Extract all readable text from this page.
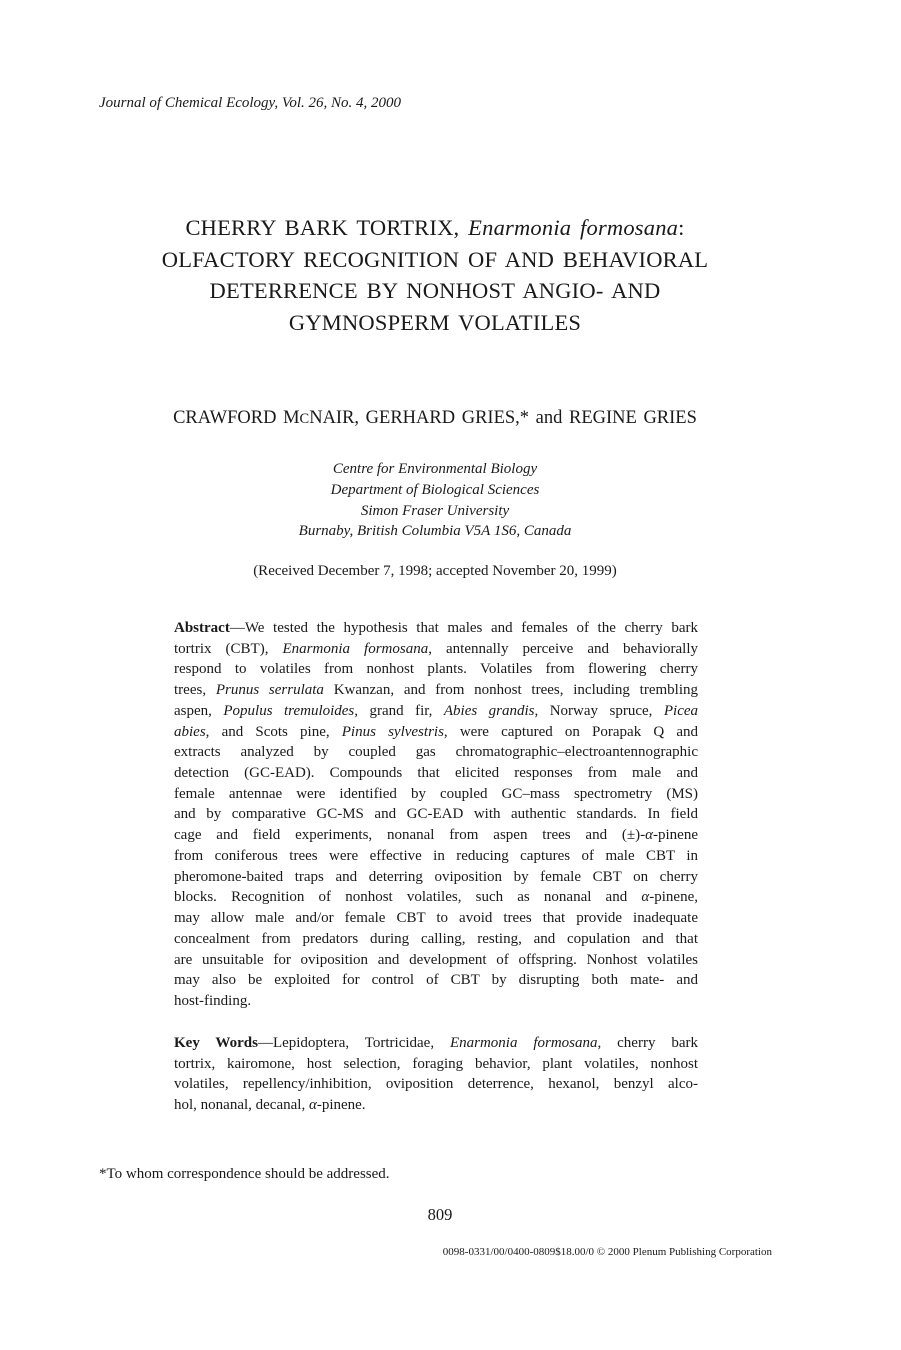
Journal of Chemical Ecology, Vol. 26, No. 4, 2000
CHERRY BARK TORTRIX, Enarmonia formosana:
OLFACTORY RECOGNITION OF AND BEHAVIORAL
DETERRENCE BY NONHOST ANGIO- AND
GYMNOSPERM VOLATILES
CRAWFORD MCNAIR, GERHARD GRIES,* and REGINE GRIES
Centre for Environmental Biology
Department of Biological Sciences
Simon Fraser University
Burnaby, British Columbia V5A 1S6, Canada
(Received December 7, 1998; accepted November 20, 1999)
Abstract—We tested the hypothesis that males and females of the cherry bark
tortrix (CBT), Enarmonia formosana, antennally perceive and behaviorally
respond to volatiles from nonhost plants. Volatiles from flowering cherry
trees, Prunus serrulata Kwanzan, and from nonhost trees, including trembling
aspen, Populus tremuloides, grand fir, Abies grandis, Norway spruce, Picea
abies, and Scots pine, Pinus sylvestris, were captured on Porapak Q and
extracts analyzed by coupled gas chromatographic–electroantennographic
detection (GC-EAD). Compounds that elicited responses from male and
female antennae were identified by coupled GC–mass spectrometry (MS)
and by comparative GC-MS and GC-EAD with authentic standards. In field
cage and field experiments, nonanal from aspen trees and (±)-α-pinene
from coniferous trees were effective in reducing captures of male CBT in
pheromone-baited traps and deterring oviposition by female CBT on cherry
blocks. Recognition of nonhost volatiles, such as nonanal and α-pinene,
may allow male and/or female CBT to avoid trees that provide inadequate
concealment from predators during calling, resting, and copulation and that
are unsuitable for oviposition and development of offspring. Nonhost volatiles
may also be exploited for control of CBT by disrupting both mate- and
host-finding.
Key Words—Lepidoptera, Tortricidae, Enarmonia formosana, cherry bark
tortrix, kairomone, host selection, foraging behavior, plant volatiles, nonhost
volatiles, repellency/inhibition, oviposition deterrence, hexanol, benzyl alco-
hol, nonanal, decanal, α-pinene.
*To whom correspondence should be addressed.
809
0098-0331/00/0400-0809$18.00/0 © 2000 Plenum Publishing Corporation
